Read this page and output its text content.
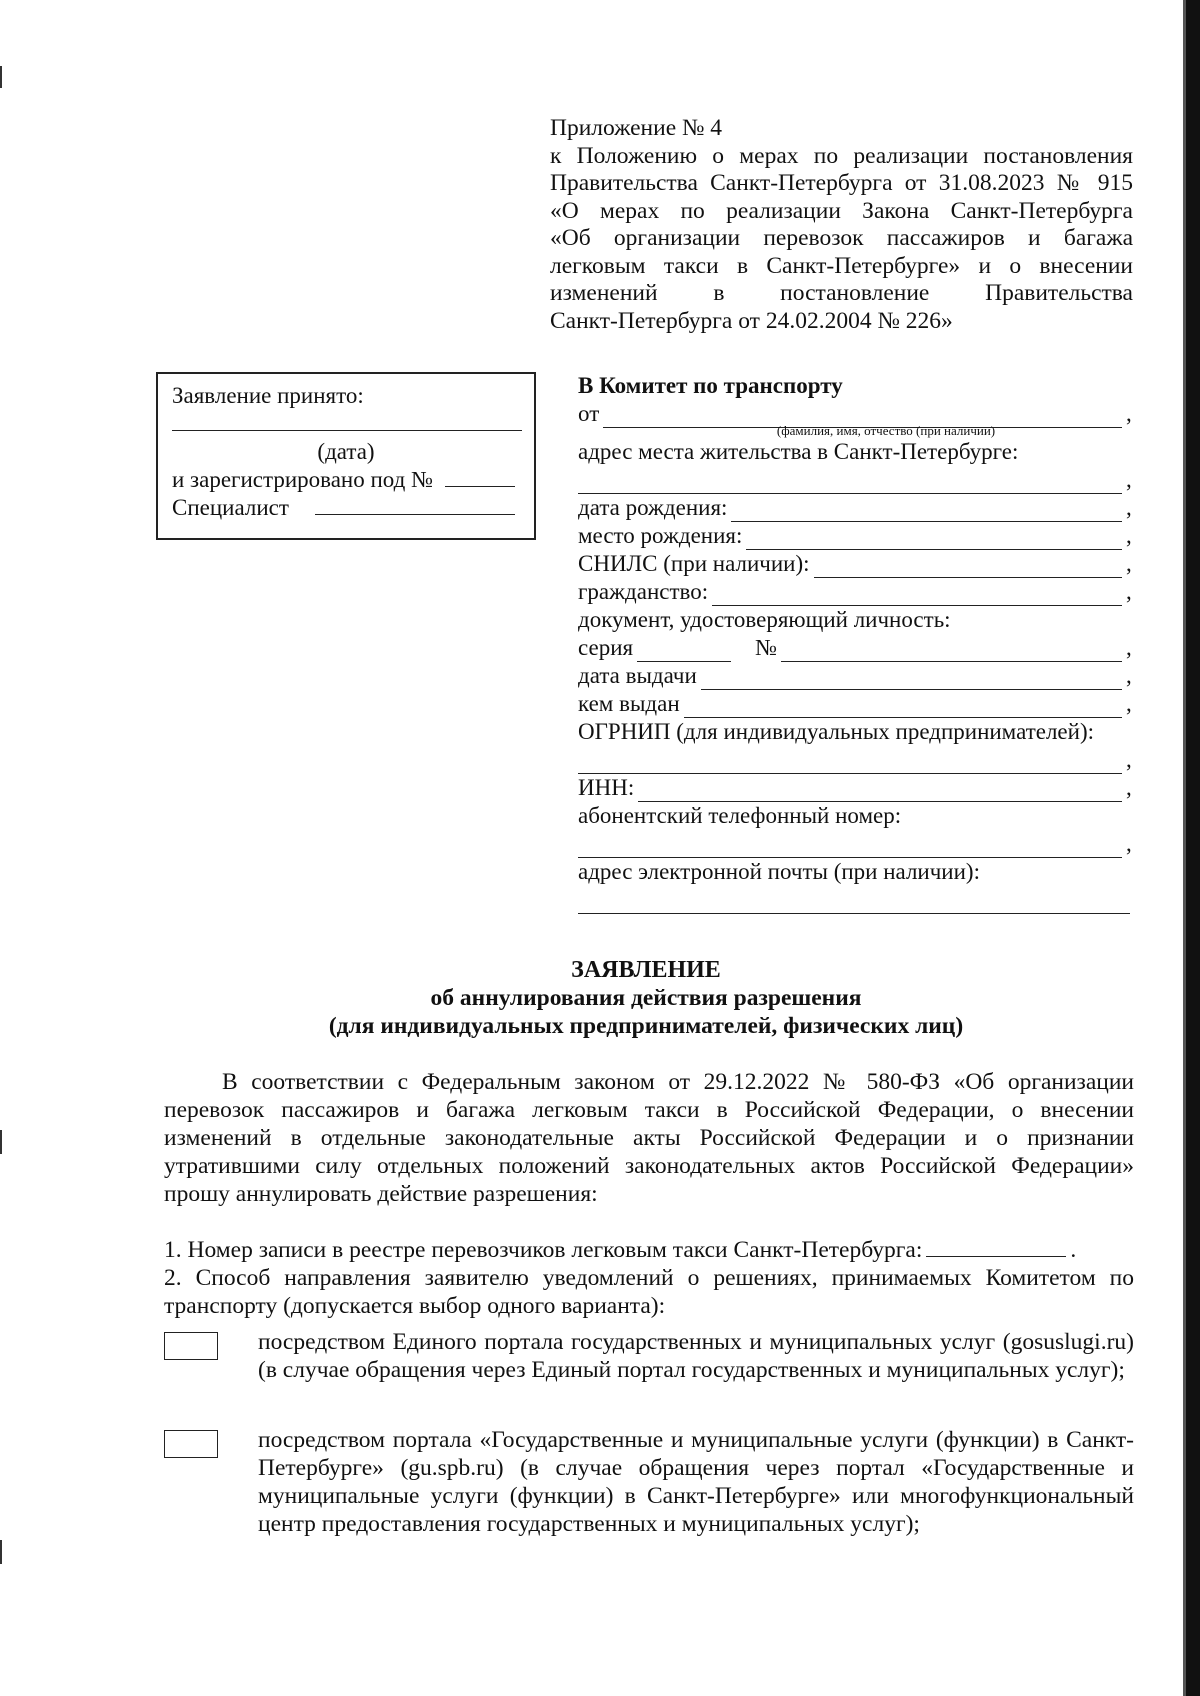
Приложение № 4
к Положению о мерах по реализации постановления
Правительства Санкт-Петербурга от 31.08.2023 № 915
«О мерах по реализации Закона Санкт-Петербурга
«Об организации перевозок пассажиров и багажа
легковым такси в Санкт-Петербурге» и о внесении
изменений в постановление Правительства
Санкт-Петербурга от 24.02.2004 № 226»
Заявление принято:
(дата)
и зарегистрировано под №
Специалист
В Комитет по транспорту
от	,
(фамилия, имя, отчество (при наличии)
адрес места жительства в Санкт-Петербурге:
,
дата рождения:	,
место рождения:	,
СНИЛС (при наличии):	,
гражданство:	,
документ, удостоверяющий личность:
серия	№	,
дата выдачи	,
кем выдан	,
ОГРНИП (для индивидуальных предпринимателей):
,
ИНН:	,
абонентский телефонный номер:
,
адрес электронной почты (при наличии):
ЗАЯВЛЕНИЕ
об аннулирования действия разрешения
(для индивидуальных предпринимателей, физических лиц)
В соответствии с Федеральным законом от 29.12.2022 № 580-ФЗ «Об организации перевозок пассажиров и багажа легковым такси в Российской Федерации, о внесении изменений в отдельные законодательные акты Российской Федерации и о признании утратившими силу отдельных положений законодательных актов Российской Федерации» прошу аннулировать действие разрешения:
1. Номер записи в реестре перевозчиков легковым такси Санкт-Петербурга:	.
2. Способ направления заявителю уведомлений о решениях, принимаемых Комитетом по транспорту (допускается выбор одного варианта):
посредством Единого портала государственных и муниципальных услуг (gosuslugi.ru) (в случае обращения через Единый портал государственных и муниципальных услуг);
посредством портала «Государственные и муниципальные услуги (функции) в Санкт-Петербурге» (gu.spb.ru) (в случае обращения через портал «Государственные и муниципальные услуги (функции) в Санкт-Петербурге» или многофункциональный центр предоставления государственных и муниципальных услуг);
